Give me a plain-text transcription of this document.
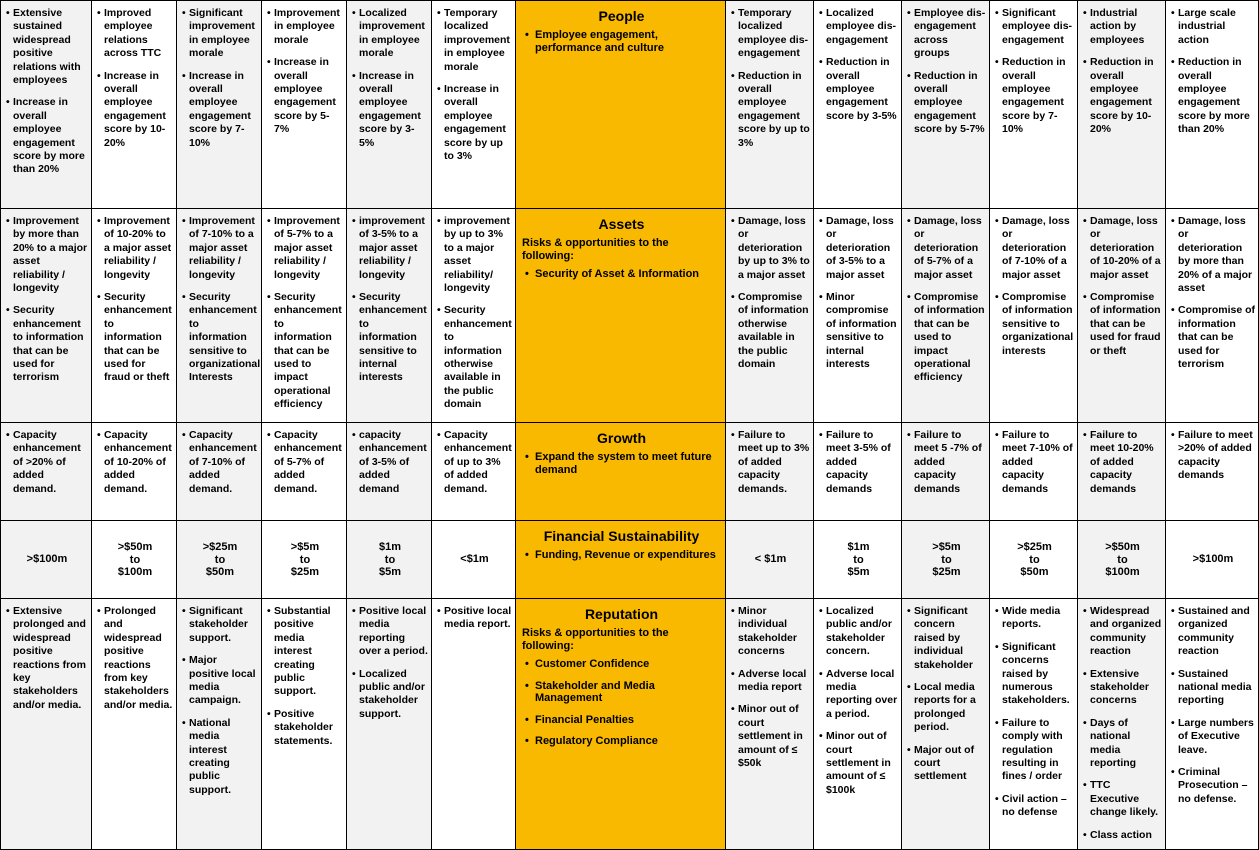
• Extensive sustained widespread positive relations with employees
• Increase in overall employee engagement score by more than 20%
• Improved employee relations across TTC
• Increase in overall employee engagement score by 10-20%
• Significant improvement in employee morale
• Increase in overall employee engagement score by 7-10%
• Improvement in employee morale
• Increase in overall employee engagement score by 5-7%
• Localized improvement in employee morale
• Increase in overall employee engagement score by 3-5%
• Temporary localized improvement in employee morale
• Increase in overall employee engagement score by up to 3%
People
• Employee engagement, performance and culture
• Temporary localized employee dis-engagement
• Reduction in overall employee engagement score by up to 3%
• Localized employee dis-engagement
• Reduction in overall employee engagement score by 3-5%
• Employee dis-engagement across groups
• Reduction in overall employee engagement score by 5-7%
• Significant employee dis-engagement
• Reduction in overall employee engagement score by 7-10%
• Industrial action by employees
• Reduction in overall employee engagement score by 10-20%
• Large scale industrial action
• Reduction in overall employee engagement score by more than 20%
• Improvement by more than 20% to a major asset reliability / longevity
• Security enhancement to information that can be used for terrorism
• Improvement of 10-20% to a major asset reliability / longevity
• Security enhancement to information that can be used for fraud or theft
• Improvement of 7-10% to a major asset reliability / longevity
• Security enhancement to information sensitive to organizational Interests
• Improvement of 5-7% to a major asset reliability / longevity
• Security enhancement to information that can be used to impact operational efficiency
• improvement of 3-5% to a major asset reliability / longevity
• Security enhancement to information sensitive to internal interests
• improvement by up to 3% to a major asset reliability/ longevity
• Security enhancement to information otherwise available in the public domain
Assets
Risks & opportunities to the following:
• Security of Asset & Information
• Damage, loss or deterioration by up to 3% to a major asset
• Compromise of information otherwise available in the public domain
• Damage, loss or deterioration of 3-5% to a major asset
• Minor compromise of information sensitive to internal interests
• Damage, loss or deterioration of 5-7% of a major asset
• Compromise of information that can be used to impact operational efficiency
• Damage, loss or deterioration of 7-10% of a major asset
• Compromise of information sensitive to organizational interests
• Damage, loss or deterioration of 10-20% of a major asset
• Compromise of information that can be used for fraud or theft
• Damage, loss or deterioration by more than 20% of a major asset
• Compromise of information that can be used for terrorism
• Capacity enhancement of >20% of added demand.
• Capacity enhancement of 10-20% of added demand.
• Capacity enhancement of 7-10% of added demand.
• Capacity enhancement of 5-7% of added demand.
• capacity enhancement of 3-5% of added demand
• Capacity enhancement of up to 3% of added demand.
Growth
• Expand the system to meet future demand
• Failure to meet up to 3% of added capacity demands.
• Failure to meet 3-5% of added capacity demands
• Failure to meet 5 -7% of added capacity demands
• Failure to meet 7-10% of added capacity demands
• Failure to meet 10-20% of added capacity demands
• Failure to meet >20% of added capacity demands
>$100m
>$50m
to
$100m
>$25m
to
$50m
>$5m
to
$25m
$1m
to
$5m
<$1m
Financial Sustainability
• Funding, Revenue or expenditures	< $1m
$1m
to
$5m
>$5m
to
$25m
>$25m
to
$50m
>$50m
to
$100m
>$100m
• Extensive prolonged and widespread positive reactions from key stakeholders and/or media.
• Prolonged and widespread positive reactions from key stakeholders and/or media.
• Significant stakeholder support.
• Major positive local media campaign.
• National media interest creating public support.
• Substantial positive media interest creating public support.
• Positive stakeholder statements.
• Positive local media reporting over a period.
• Localized public and/or stakeholder support.
• Positive local media report.
Reputation
Risks & opportunities to the following:
• Customer Confidence
• Stakeholder and Media Management
• Financial Penalties
• Regulatory Compliance
• Minor individual stakeholder concerns
• Adverse local media report
• Minor out of court settlement in amount of ≤ $50k
• Localized public and/or stakeholder concern.
• Adverse local media reporting over a period.
• Minor out of court settlement in amount of ≤ $100k
• Significant concern raised by individual stakeholder
• Local media reports for a prolonged period.
• Major out of court settlement
• Wide media reports.
• Significant concerns raised by numerous stakeholders.
• Failure to comply with regulation resulting in fines / order
• Civil action – no defense
• Widespread and organized community reaction
• Extensive stakeholder concerns
• Days of national media reporting
• TTC Executive change likely.
• Class action
• Sustained and organized community reaction
• Sustained national media reporting
• Large numbers of Executive leave.
• Criminal Prosecution – no defense.
